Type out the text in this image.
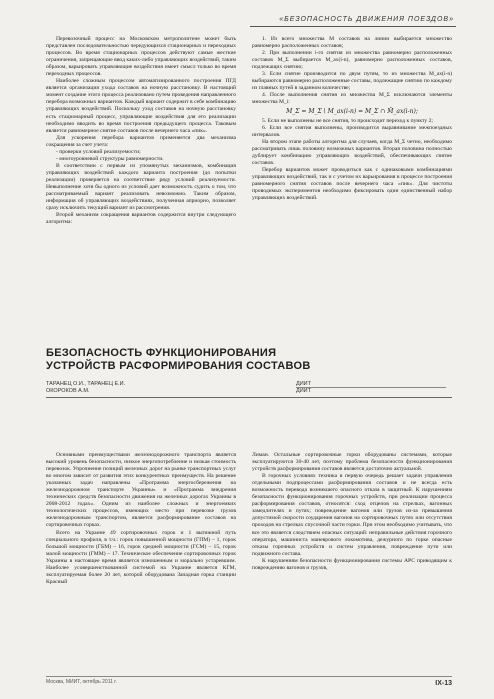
«БЕЗОПАСНОСТЬ ДВИЖЕНИЯ ПОЕЗДОВ»

Перевозочный процесс на Московском метрополитене может быть представлен последовательностью чередующихся стационарных и переходных процессов. Во время стационарных процессов действуют самые жесткие ограничения, запрещающие ввод каких-либо управляющих воздействий, таким образом, варьировать управляющие воздействия имеет смысл только во время переходных процессов.

Наиболее сложным процессом автоматизированного построения ПГД является организация ухода составов на ночную расстановку. В настоящий момент создание этого процесса реализовано путем проведения направленного перебора возможных вариантов. Каждый вариант содержит в себе комбинацию управляющих воздействий. Поскольку уход составов на ночную расстановку есть стационарный процесс, управляющие воздействия для его реализации необходимо вводить во время построения предыдущего процесса. Таковым является равномерное снятие составов после вечернего часа «пик».

Для ускорения перебора вариантов применяется два механизма сокращения за счет учета:

- проверки условий реализуемости;

- многоуровневой структуры равномерности.

В соответствии с первым из упомянутых механизмов, комбинация управляющих воздействий каждого варианта построения (до попытки реализации) проверяется на соответствие ряду условий реализуемости. Невыполнение хотя бы одного из условий дает возможность судить о том, что рассматриваемый вариант реализовать невозможно. Таким образом, информация об управляющих воздействиях, полученная априорно, позволяет сразу исключить текущий вариант из рассмотрения.

Второй механизм сокращения вариантов содержится внутри следующего алгоритма:

1. Из всего множества M составов на линии выбирается множество равномерно расположенных составов;

2. При выполнении i-го снятия из множества равномерно расположенных составов M_Σ выбирается M_ax(i-n), равномерно расположенных составов, подлежащих снятию;

3. Если снятие производится по двум путям, то из множества M_ax(i-n) выбираются равномерно расположенные составы, подлежащие снятию по каждому из главных путей в заданном количестве;

4. После выполнения снятия из множества M_Σ исключаются элементы множества M_i:

M_Σ = M_Σ \ M_ax(i-n) = M_Σ ∩ M̄_ax(i-n);

5. Если не выполнены не все снятия, то происходит переход к пункту 2;

6. Если все снятия выполнены, производится выравнивание межпоездных интервалов.

На втором этапе работы алгоритма для случаев, когда M_Σ четно, необходимо рассматривать лишь половину возможных вариантов. Вторая половина полностью дублирует комбинацию управляющих воздействий, обеспечивающих снятие составов.

Перебор вариантов может проводиться как с одинаковыми комбинациями управляющих воздействий, так и с учетом их варьирования в процессе построения равномерного снятия составов после вечернего часа «пик». Для чистоты проводимых экспериментов необходимо фиксировать один единственный набор управляющих воздействий.

БЕЗОПАСНОСТЬ ФУНКЦИОНИРОВАНИЯ
УСТРОЙСТВ РАСФОРМИРОВАНИЯ СОСТАВОВ
ТАРАНЕЦ О.И., ТАРАНЕЦ Е.И.
ОКОРОКОВ А.М.
ДИИТ
ДИИТ

Основными преимуществами железнодорожного транспорта является высокий уровень безопасности, низкое энергопотребление и низкая стоимость перевозок. Упрочнение позиций железных дорог на рынке транспортных услуг во многом зависит от развития этих конкурентных преимуществ. На решение указанных задач направлены «Программа энергосбережения на железнодорожном транспорте Украины» и «Программа внедрения технических средств безопасности движения на железных дорогах Украины в 2008-2012 годах». Одним из наиболее сложных и энергоемких технологических процессов, имеющих место при перевозке грузов железнодорожным транспортом, является расформирование составов на сортировочных горках.

Всего на Украине 49 сортировочных горок и 1 вытяжной путь специального профиля, в т.ч.: горок повышенной мощности (ГПМ) – 1, горок большой мощности (ГБМ) – 16, горок средней мощности (ГСМ) – 15, горок малой мощности (ГММ) – 17. Техническое обеспечение сортировочных горок Украины в настоящее время является изношенным и морально устаревшим. Наиболее усовершенствованной системой на Украине является КГМ, эксплуатируемая более 20 лет, которой оборудована Западная горка станции Красный

Лиман. Остальные сортировочные горки оборудованы системами, которые эксплуатируются 30-40 лет, поэтому проблема безопасности функционирования устройств расформирования составов является достаточно актуальной.

В горочных условиях техника в первую очередь решает задачи управления отдельными подпроцессами расформирования составов и не всегда есть возможность перевода возникшего опасного отказа в защитный. К нарушениям безопасности функционирования горочных устройств, при реализации процесса расформирования составов, относятся: сход отцепов на стрелках, вагонных замедлителях и путях; повреждение вагонов или грузов из-за превышения допустимой скорости соударения вагонов на сортировочных путях или отсутствия проходов на стрелках спусочной части горки. При этом необходимо учитывать, что все это является следствием опасных ситуаций: неправильные действия горочного оператора, машиниста маневрового локомотива, дежурного по горке опасные отказы горочных устройств и систем управления, повреждение пути или подвижного состава.

К нарушениям безопасности функционирования системы АРС приводящим к повреждению вагонов и грузов,

Москва, МИИТ, октябрь 2011 г.	IX-13
